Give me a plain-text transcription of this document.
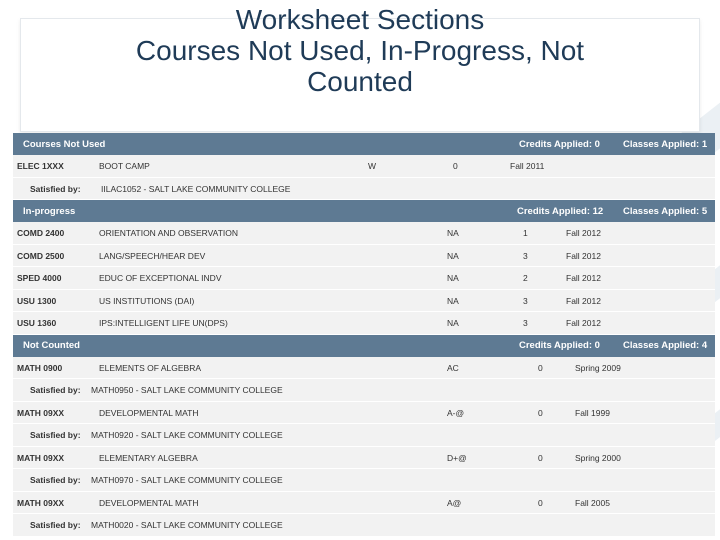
Worksheet Sections
Courses Not Used, In-Progress, Not
Counted
Courses Not Used	Credits Applied: 0 Classes Applied: 1
ELEC 1XXX	BOOT CAMP	W	0	Fall 2011
Satisfied by: IILAC1052 - SALT LAKE COMMUNITY COLLEGE
In-progress	Credits Applied: 12 Classes Applied: 5
COMD 2400	ORIENTATION AND OBSERVATION	NA	1	Fall 2012
COMD 2500	LANG/SPEECH/HEAR DEV	NA	3	Fall 2012
SPED 4000	EDUC OF EXCEPTIONAL INDV	NA	2	Fall 2012
USU 1300	US INSTITUTIONS (DAI)	NA	3	Fall 2012
USU 1360	IPS:INTELLIGENT LIFE UN(DPS)	NA	3	Fall 2012
Not Counted	Credits Applied: 0 Classes Applied: 4
MATH 0900	ELEMENTS OF ALGEBRA	AC	0	Spring 2009
Satisfied by: MATH0950 - SALT LAKE COMMUNITY COLLEGE
MATH 09XX	DEVELOPMENTAL MATH	A-@	0	Fall 1999
Satisfied by: MATH0920 - SALT LAKE COMMUNITY COLLEGE
MATH 09XX	ELEMENTARY ALGEBRA	D+@	0	Spring 2000
Satisfied by: MATH0970 - SALT LAKE COMMUNITY COLLEGE
MATH 09XX	DEVELOPMENTAL MATH	A@	0	Fall 2005
Satisfied by: MATH0020 - SALT LAKE COMMUNITY COLLEGE
